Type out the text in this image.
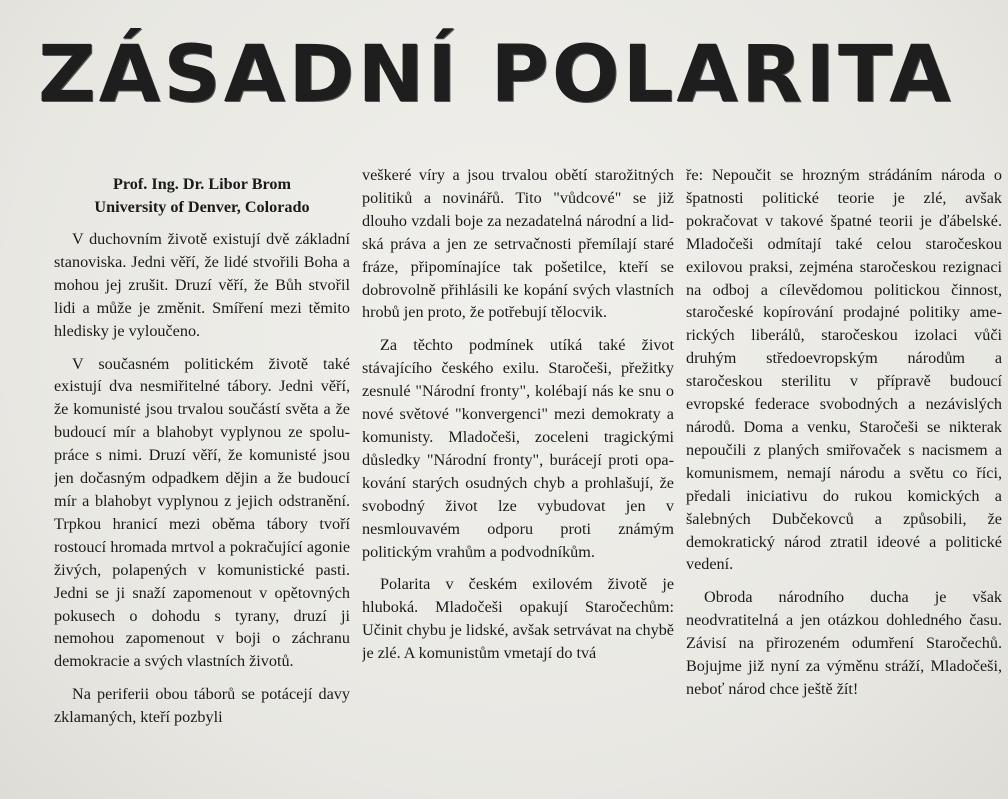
ZÁSADNÍ POLARITA
Prof. Ing. Dr. Libor Brom
University of Denver, Colorado

V duchovním životě existují dvě základní stanoviska. Jedni věří, že lidé stvořili Boha a mohou jej zrušit. Druzí věří, že Bůh stvořil lidi a může je změnit. Smíření mezi těmito hledisky je vyloučeno.

V současném politickém životě také existují dva nesmiřitelné tábory. Jedni věří, že komunisté jsou trvalou součástí světa a že budoucí mír a blahobyt vyplynou ze spolupráce s nimi. Druzí věří, že komunisté jsou jen dočasným odpadkem dějin a že budoucí mír a blahobyt vyplynou z jejich odstranění. Trpkou hranicí mezi oběma tábory tvoří rostoucí hromada mrtvol a pokračující agonie živých, polapených v komunistické pasti. Jedni se ji snaží zapomenout v opětovných pokusech o dohodu s tyrany, druzí ji nemohou zapomenout v boji o záchranu demokracie a svých vlastních životů.

Na periferii obou táborů se potácejí davy zklamaných, kteří pozbyli

veškeré víry a jsou trvalou obětí starožitných politiků a novinářů. Tito "vůdcové" se již dlouho vzdali boje za nezadatelná národní a lidská práva a jen ze setrvačnosti přemílají staré fráze, připomínajíce tak pošetilce, kteří se dobrovolně přihlásili ke kopání svých vlastních hrobů jen proto, že potřebují tělocvik.

Za těchto podmínek utíká také život stávajícího českého exilu. Staročeši, přežitky zesnulé "Národní fronty", kolébají nás ke snu o nové světové "konvergenci" mezi demokraty a komunisty. Mladočeši, zoceleni tragickými důsledky "Národní fronty", burácejí proti opakování starých osudných chyb a prohlašují, že svobodný život lze vybudovat jen v nesmlouvavém odporu proti známým politickým vrahům a podvodníkům.

Polarita v českém exilovém životě je hluboká. Mladočeši opakují Staročechům: Učinit chybu je lidské, avšak setrvávat na chybě je zlé. A komunistům vmetají do tvá

ře: Nepoučit se hrozným strádáním národa o špatnosti politické teorie je zlé, avšak pokračovat v takové špatné teorii je ďábelské. Mladočeši odmítají také celou staročeskou exilovou praksi, zejména staročeskou rezignaci na odboj a cílevědomou politickou činnost, staročeské kopírování prodajné politiky amerických liberálů, staročeskou izolaci vůči druhým středoevropským národům a staročeskou sterilitu v přípravě budoucí evropské federace svobodných a nezávislých národů. Doma a venku, Staročeši se nikterak nepoučili z planých smiřovaček s nacismem a komunismem, nemají národu a světu co říci, předali iniciativu do rukou komických a šalebných Dubčekovců a způsobili, že demokratický národ ztratil ideové a politické vedení.

Obroda národního ducha je však neodvratitelná a jen otázkou dohledného času. Závisí na přirozeném odumření Staročechů. Bojujme již nyní za výměnu stráží, Mladočeši, neboť národ chce ještě žít!
